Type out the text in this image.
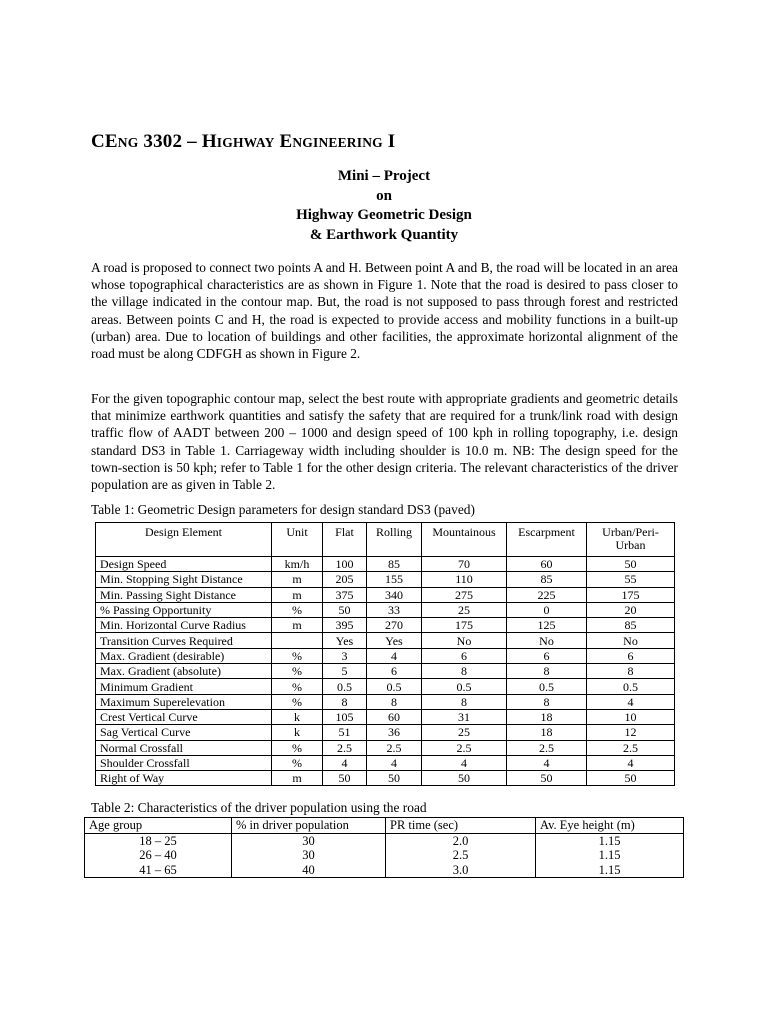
CENG 3302 – HIGHWAY ENGINEERING I
Mini – Project
on
Highway Geometric Design
& Earthwork Quantity
A road is proposed to connect two points A and H. Between point A and B, the road will be located in an area whose topographical characteristics are as shown in Figure 1. Note that the road is desired to pass closer to the village indicated in the contour map. But, the road is not supposed to pass through forest and restricted areas. Between points C and H, the road is expected to provide access and mobility functions in a built-up (urban) area. Due to location of buildings and other facilities, the approximate horizontal alignment of the road must be along CDFGH as shown in Figure 2.
For the given topographic contour map, select the best route with appropriate gradients and geometric details that minimize earthwork quantities and satisfy the safety that are required for a trunk/link road with design traffic flow of AADT between 200 – 1000 and design speed of 100 kph in rolling topography, i.e. design standard DS3 in Table 1. Carriageway width including shoulder is 10.0 m. NB: The design speed for the town-section is 50 kph; refer to Table 1 for the other design criteria. The relevant characteristics of the driver population are as given in Table 2.
Table 1: Geometric Design parameters for design standard DS3 (paved)
Design Element	Unit	Flat	Rolling	Mountainous	Escarpment	Urban/Peri-Urban
Design Speed	km/h	100	85	70	60	50
Min. Stopping Sight Distance	m	205	155	110	85	55
Min. Passing Sight Distance	m	375	340	275	225	175
% Passing Opportunity	%	50	33	25	0	20
Min. Horizontal Curve Radius	m	395	270	175	125	85
Transition Curves Required		Yes	Yes	No	No	No
Max. Gradient (desirable)	%	3	4	6	6	6
Max. Gradient (absolute)	%	5	6	8	8	8
Minimum Gradient	%	0.5	0.5	0.5	0.5	0.5
Maximum Superelevation	%	8	8	8	8	4
Crest Vertical Curve	k	105	60	31	18	10
Sag Vertical Curve	k	51	36	25	18	12
Normal Crossfall	%	2.5	2.5	2.5	2.5	2.5
Shoulder Crossfall	%	4	4	4	4	4
Right of Way	m	50	50	50	50	50
Table 2: Characteristics of the driver population using the road
Age group	% in driver population	PR time (sec)	Av. Eye height (m)
18 – 25	30	2.0	1.15
26 – 40	30	2.5	1.15
41 – 65	40	3.0	1.15
